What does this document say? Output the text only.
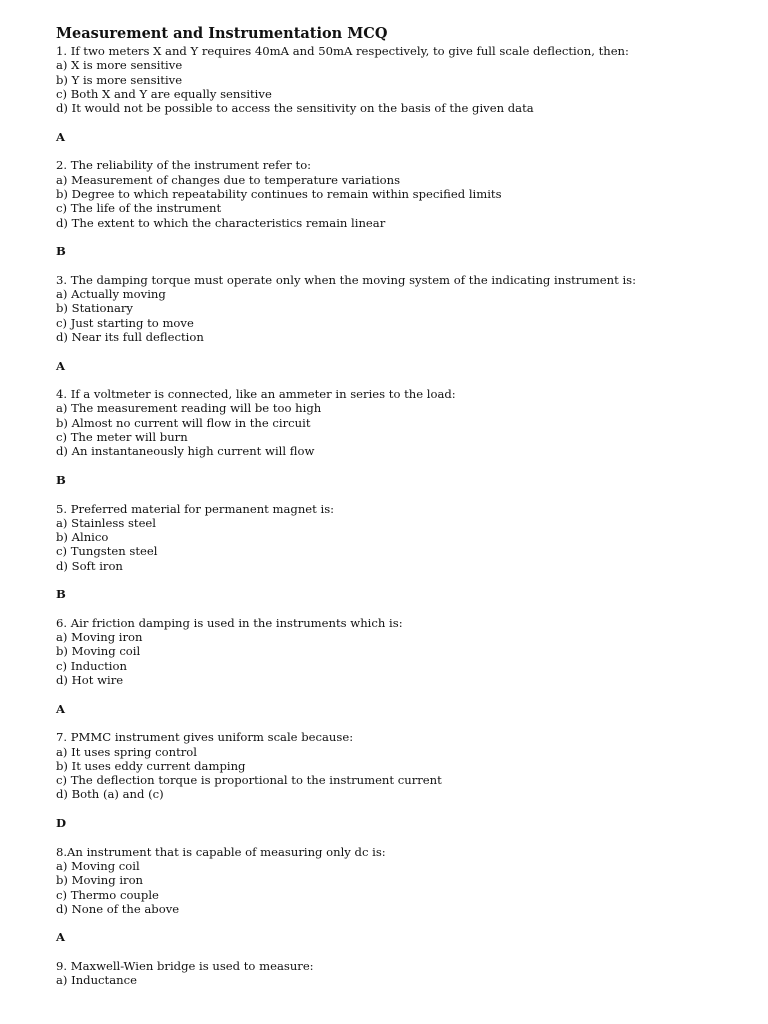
Measurement and Instrumentation MCQ
1. If two meters X and Y requires 40mA and 50mA respectively, to give full scale deflection, then:
a) X is more sensitive
b) Y is more sensitive
c) Both X and Y are equally sensitive
d) It would not be possible to access the sensitivity on the basis of the given data
A
2. The reliability of the instrument refer to:
a) Measurement of changes due to temperature variations
b) Degree to which repeatability continues to remain within specified limits
c) The life of the instrument
d) The extent to which the characteristics remain linear
B
3. The damping torque must operate only when the moving system of the indicating instrument is:
a) Actually moving
b) Stationary
c) Just starting to move
d) Near its full deflection
A
4. If a voltmeter is connected, like an ammeter in series to the load:
a) The measurement reading will be too high
b) Almost no current will flow in the circuit
c) The meter will burn
d) An instantaneously high current will flow
B
5. Preferred material for permanent magnet is:
a) Stainless steel
b) Alnico
c) Tungsten steel
d) Soft iron
B
6. Air friction damping is used in the instruments which is:
a) Moving iron
b) Moving coil
c) Induction
d) Hot wire
A
7. PMMC instrument gives uniform scale because:
a) It uses spring control
b) It uses eddy current damping
c) The deflection torque is proportional to the instrument current
d) Both (a) and (c)
D
8.An instrument that is capable of measuring only dc is:
a) Moving coil
b) Moving iron
c) Thermo couple
d) None of the above
A
9. Maxwell-Wien bridge is used to measure:
a) Inductance
